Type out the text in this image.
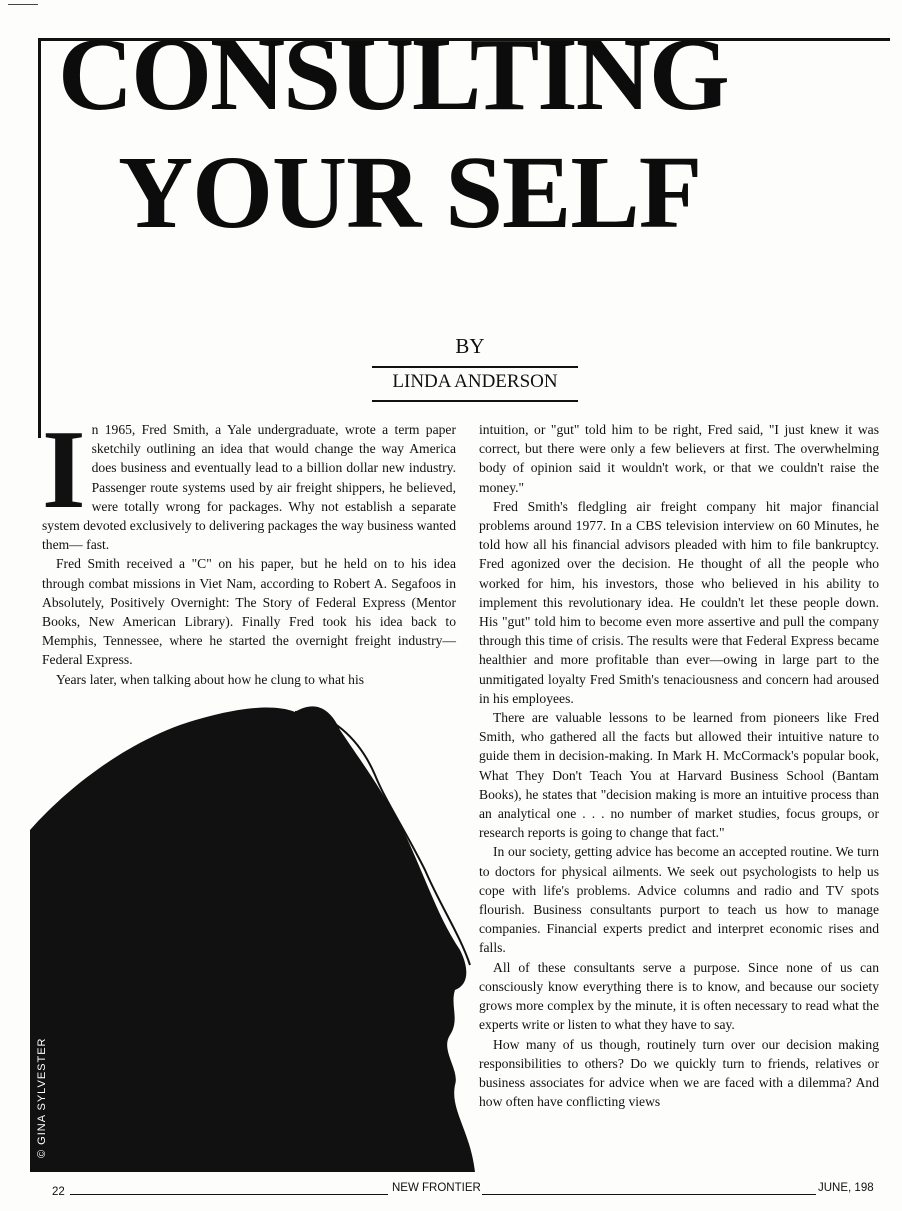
CONSULTING
YOUR SELF
BY
LINDA ANDERSON

I n 1965, Fred Smith, a Yale undergraduate, wrote a term paper sketchily outlining an idea that would change the way America does business and eventually lead to a billion dollar new industry. Passenger route systems used by air freight shippers, he believed, were totally wrong for packages. Why not establish a separate system devoted exclusively to delivering packages the way business wanted them— fast.

Fred Smith received a "C" on his paper, but he held on to his idea through combat missions in Viet Nam, according to Robert A. Segafoos in Absolutely, Positively Overnight: The Story of Federal Express (Mentor Books, New American Library). Finally Fred took his idea back to Memphis, Tennessee, where he started the overnight freight industry— Federal Express.

Years later, when talking about how he clung to what his

intuition, or "gut" told him to be right, Fred said, "I just knew it was correct, but there were only a few believers at first. The overwhelming body of opinion said it wouldn't work, or that we couldn't raise the money."

Fred Smith's fledgling air freight company hit major financial problems around 1977. In a CBS television interview on 60 Minutes, he told how all his financial advisors pleaded with him to file bankruptcy. Fred agonized over the decision. He thought of all the people who worked for him, his investors, those who believed in his ability to implement this revolutionary idea. He couldn't let these people down. His "gut" told him to become even more assertive and pull the company through this time of crisis. The results were that Federal Express became healthier and more profitable than ever—owing in large part to the unmitigated loyalty Fred Smith's tenaciousness and concern had aroused in his employees.

There are valuable lessons to be learned from pioneers like Fred Smith, who gathered all the facts but allowed their intuitive nature to guide them in decision-making. In Mark H. McCormack's popular book, What They Don't Teach You at Harvard Business School (Bantam Books), he states that "decision making is more an intuitive process than an analytical one . . . no number of market studies, focus groups, or research reports is going to change that fact."

In our society, getting advice has become an accepted routine. We turn to doctors for physical ailments. We seek out psychologists to help us cope with life's problems. Advice columns and radio and TV spots flourish. Business consultants purport to teach us how to manage companies. Financial experts predict and interpret economic rises and falls.

All of these consultants serve a purpose. Since none of us can consciously know everything there is to know, and because our society grows more complex by the minute, it is often necessary to read what the experts write or listen to what they have to say.

How many of us though, routinely turn over our decision making responsibilities to others? Do we quickly turn to friends, relatives or business associates for advice when we are faced with a dilemma? And how often have conflicting views

© GINA SYLVESTER
22	NEW FRONTIER	JUNE, 198
